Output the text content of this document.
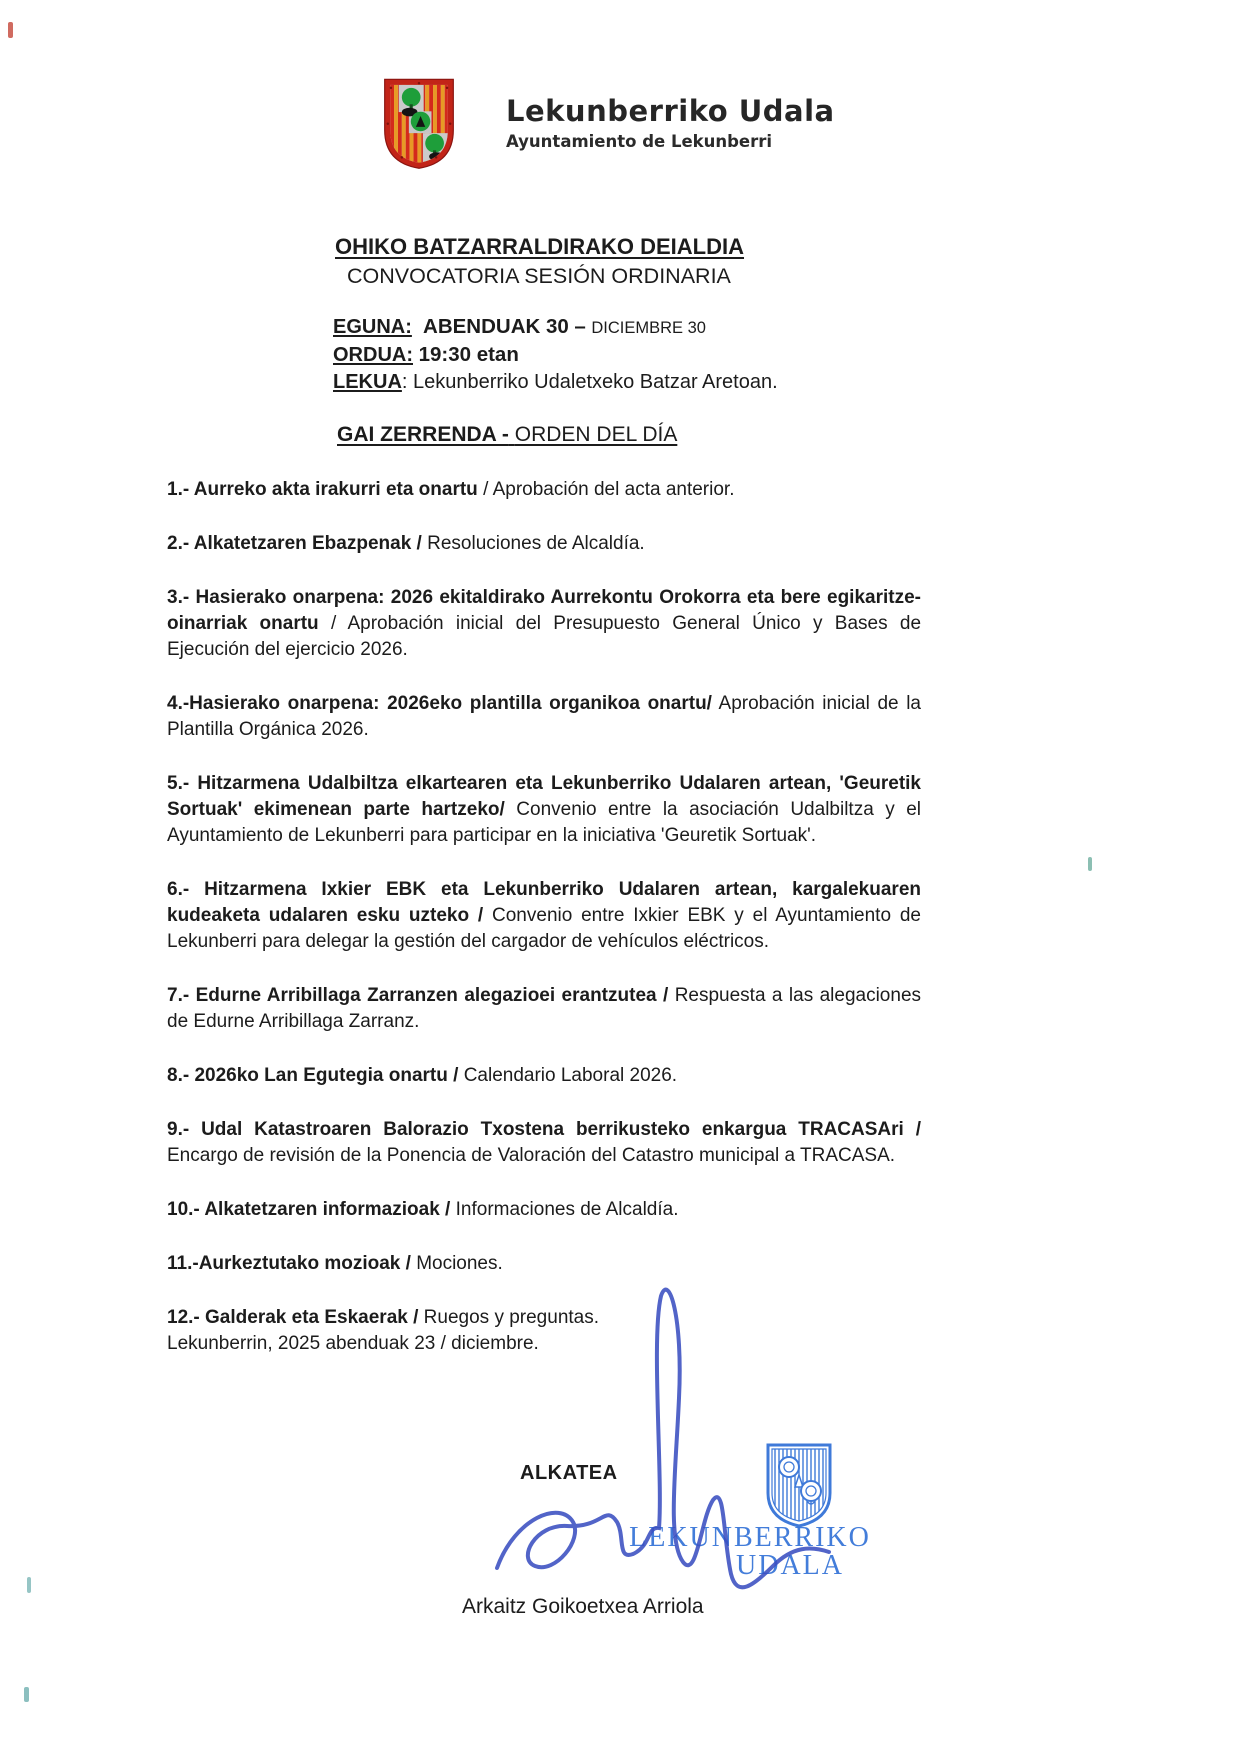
Lekunberriko Udala
Ayuntamiento de Lekunberri
OHIKO BATZARRALDIRAKO DEIALDIA
CONVOCATORIA SESIÓN ORDINARIA
EGUNA: ABENDUAK 30 – DICIEMBRE 30
ORDUA: 19:30 etan
LEKUA: Lekunberriko Udaletxeko Batzar Aretoan.
GAI ZERRENDA - ORDEN DEL DÍA

1.- Aurreko akta irakurri eta onartu / Aprobación del acta anterior.

2.- Alkatetzaren Ebazpenak / Resoluciones de Alcaldía.

3.- Hasierako onarpena: 2026 ekitaldirako Aurrekontu Orokorra eta bere egikaritze-oinarriak onartu / Aprobación inicial del Presupuesto General Único y Bases de Ejecución del ejercicio 2026.

4.-Hasierako onarpena: 2026eko plantilla organikoa onartu/ Aprobación inicial de la Plantilla Orgánica 2026.

5.- Hitzarmena Udalbiltza elkartearen eta Lekunberriko Udalaren artean, 'Geuretik Sortuak' ekimenean parte hartzeko/ Convenio entre la asociación Udalbiltza y el Ayuntamiento de Lekunberri para participar en la iniciativa 'Geuretik Sortuak'.

6.- Hitzarmena Ixkier EBK eta Lekunberriko Udalaren artean, kargalekuaren kudeaketa udalaren esku uzteko / Convenio entre Ixkier EBK y el Ayuntamiento de Lekunberri para delegar la gestión del cargador de vehículos eléctricos.

7.- Edurne Arribillaga Zarranzen alegazioei erantzutea / Respuesta a las alegaciones de Edurne Arribillaga Zarranz.

8.- 2026ko Lan Egutegia onartu / Calendario Laboral 2026.

9.- Udal Katastroaren Balorazio Txostena berrikusteko enkargua TRACASAri / Encargo de revisión de la Ponencia de Valoración del Catastro municipal a TRACASA.

10.- Alkatetzaren informazioak / Informaciones de Alcaldía.

11.-Aurkeztutako mozioak / Mociones.

12.- Galderak eta Eskaerak / Ruegos y preguntas.

Lekunberrin, 2025 abenduak 23 / diciembre.

ALKATEA
LEKUNBERRIKO
UDALA
Arkaitz Goikoetxea Arriola
